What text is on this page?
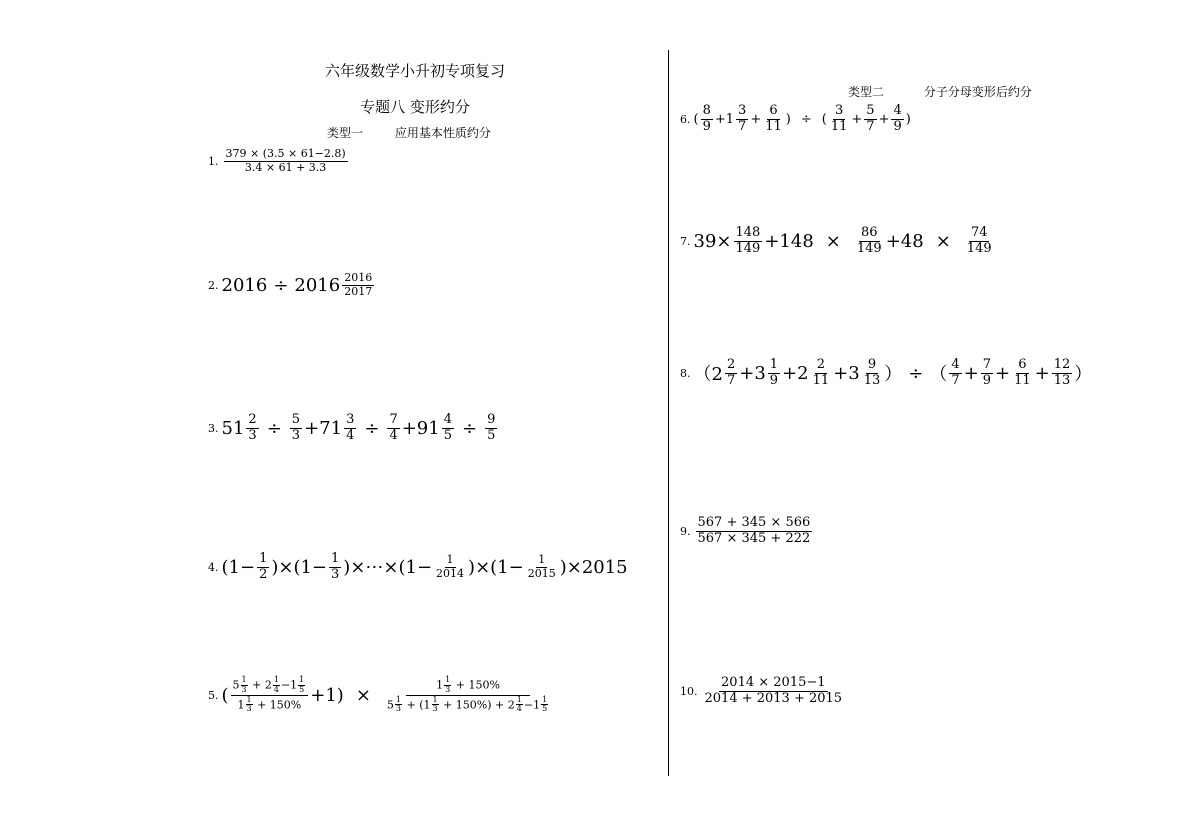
六年级数学小升初专项复习
专题八 变形约分
类型一	应用基本性质约分
类型二	分子分母变形后约分
1. $\frac{379 \times (3.5 \times 61-2.8)}{3.4 \times 61 + 3.3}$
2. $2016 \div 2016 \frac{2016}{2017}$
3. $51 \frac{2}{3} \div \frac{5}{3} +71 \frac{3}{4} \div \frac{7}{4} +91 \frac{4}{5} \div \frac{9}{5}$
4. $(1- \frac{1}{2} )\times(1- \frac{1}{3}$ )×⋯×(1− $\frac{1}{2014} )\times(1- \frac{1}{2015} )\times 2015$
5. ( $\frac{5 \frac{1}{3} + 2 \frac{1}{4} -1 \frac{1}{5}}{1 \frac{1}{3} + 150\%} +1) \times \frac{1 \frac{1}{3} + 150\%}{5 \frac{1}{3} + (1 \frac{1}{3} + 150\%) + 2 \frac{1}{4} -1 \frac{1}{5}}$
6. ( $\frac{8}{9} +1 \frac{3}{7} + \frac{6}{11}$ ) ÷ ( $\frac{3}{11} + \frac{5}{7} + \frac{4}{9}$ )
7. $39\times \frac{148}{149} +148 \times \frac{86}{149} +48 \times \frac{74}{149}$
8. （$2 \frac{2}{7} +3 \frac{1}{9} +2 \frac{2}{11} +3 \frac{9}{13}$ ） ÷ （ $\frac{4}{7} + \frac{7}{9} + \frac{6}{11} + \frac{12}{13}$ ）
9. $\frac{567 + 345 \times 566}{567 \times 345 + 222}$
10. $\frac{2014 \times 2015-1}{2014 + 2013 + 2015}$
